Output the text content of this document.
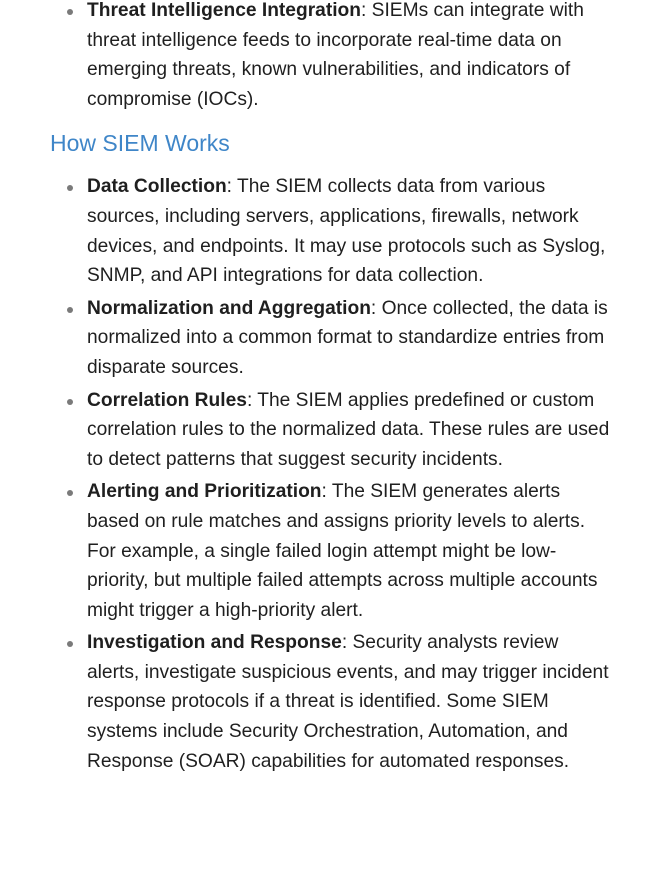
Threat Intelligence Integration: SIEMs can integrate with threat intelligence feeds to incorporate real-time data on emerging threats, known vulnerabilities, and indicators of compromise (IOCs).
How SIEM Works
Data Collection: The SIEM collects data from various sources, including servers, applications, firewalls, network devices, and endpoints. It may use protocols such as Syslog, SNMP, and API integrations for data collection.
Normalization and Aggregation: Once collected, the data is normalized into a common format to standardize entries from disparate sources.
Correlation Rules: The SIEM applies predefined or custom correlation rules to the normalized data. These rules are used to detect patterns that suggest security incidents.
Alerting and Prioritization: The SIEM generates alerts based on rule matches and assigns priority levels to alerts. For example, a single failed login attempt might be low-priority, but multiple failed attempts across multiple accounts might trigger a high-priority alert.
Investigation and Response: Security analysts review alerts, investigate suspicious events, and may trigger incident response protocols if a threat is identified. Some SIEM systems include Security Orchestration, Automation, and Response (SOAR) capabilities for automated responses.
